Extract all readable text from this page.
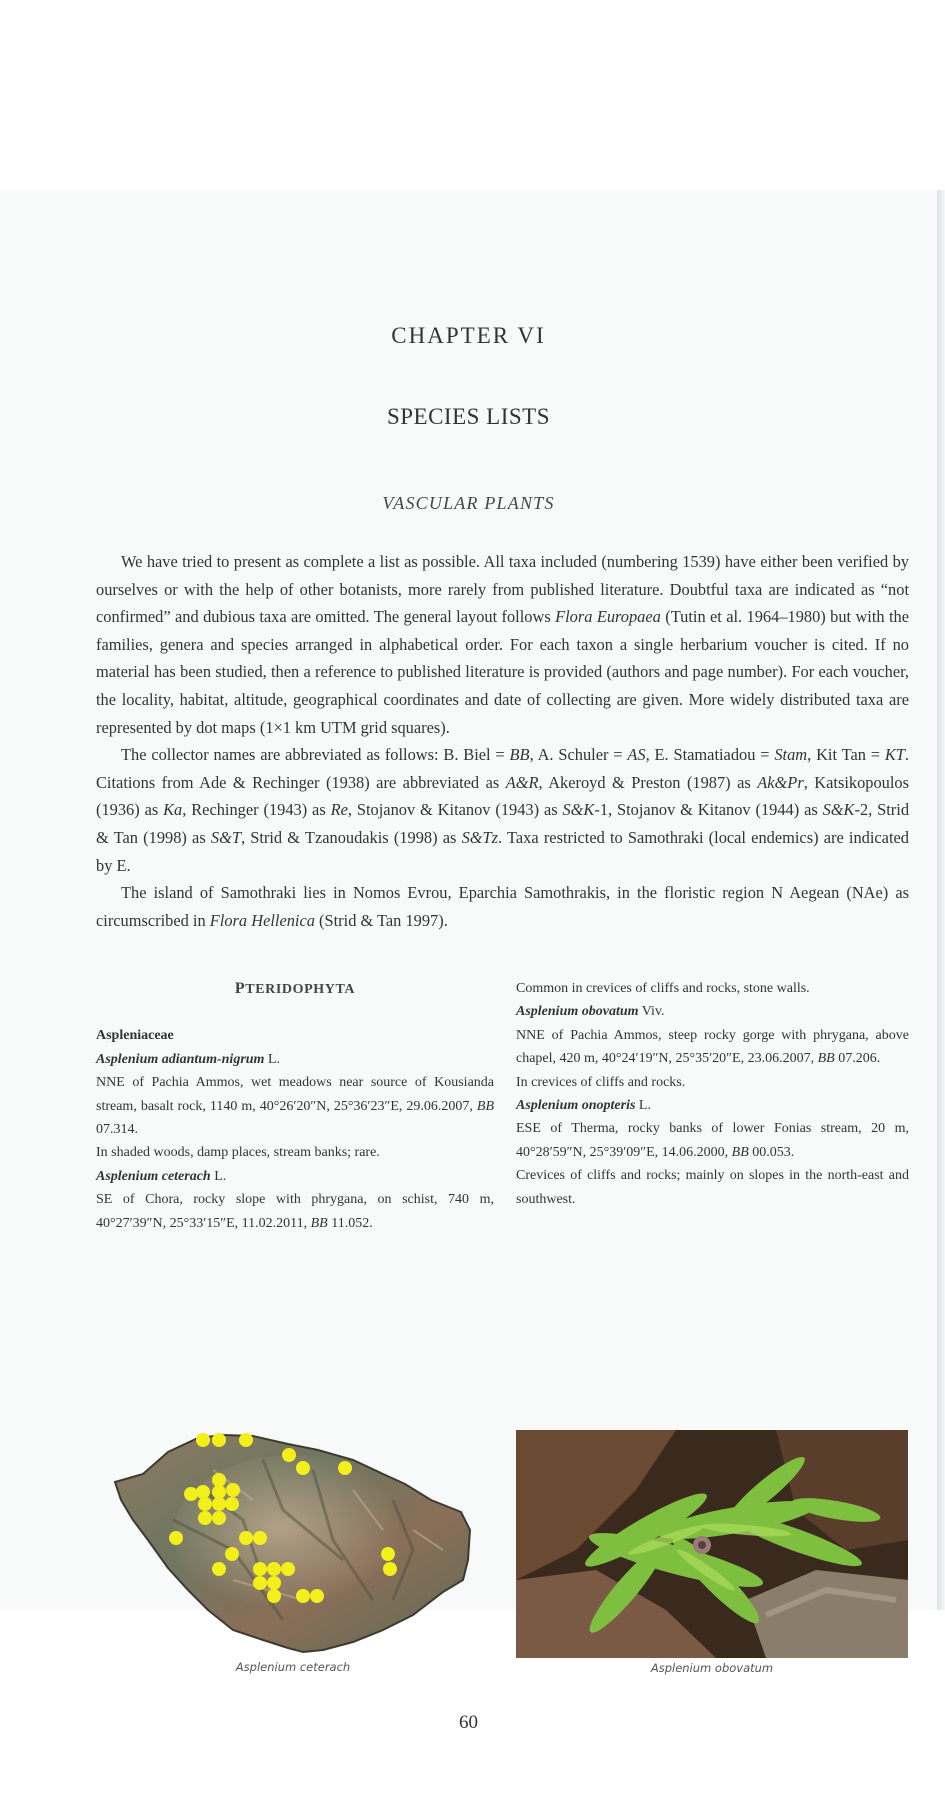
CHAPTER VI
SPECIES LISTS
VASCULAR PLANTS

We have tried to present as complete a list as possible. All taxa included (numbering 1539) have either been verified by ourselves or with the help of other botanists, more rarely from published literature. Doubtful taxa are indicated as “not confirmed” and dubious taxa are omitted. The general layout follows Flora Europaea (Tutin et al. 1964–1980) but with the families, genera and species arranged in alphabetical order. For each taxon a single herbarium voucher is cited. If no material has been studied, then a reference to published literature is provided (authors and page number). For each voucher, the locality, habitat, altitude, geographical coordinates and date of collecting are given. More widely distributed taxa are represented by dot maps (1×1 km UTM grid squares).

The collector names are abbreviated as follows: B. Biel = BB, A. Schuler = AS, E. Stamatiadou = Stam, Kit Tan = KT. Citations from Ade & Rechinger (1938) are abbreviated as A&R, Akeroyd & Preston (1987) as Ak&Pr, Katsikopoulos (1936) as Ka, Rechinger (1943) as Re, Stojanov & Kitanov (1943) as S&K-1, Stojanov & Kitanov (1944) as S&K-2, Strid & Tan (1998) as S&T, Strid & Tzanoudakis (1998) as S&Tz. Taxa restricted to Samothraki (local endemics) are indicated by E.

The island of Samothraki lies in Nomos Evrou, Eparchia Samothrakis, in the floristic region N Aegean (NAe) as circumscribed in Flora Hellenica (Strid & Tan 1997).

PTERIDOPHYTA

Aspleniaceae

Asplenium adiantum-nigrum L.

NNE of Pachia Ammos, wet meadows near source of Kousianda stream, basalt rock, 1140 m, 40°26′20″N, 25°36′23″E, 29.06.2007, BB 07.314.

In shaded woods, damp places, stream banks; rare.

Asplenium ceterach L.

SE of Chora, rocky slope with phrygana, on schist, 740 m, 40°27′39″N, 25°33′15″E, 11.02.2011, BB 11.052.

Common in crevices of cliffs and rocks, stone walls.

Asplenium obovatum Viv.

NNE of Pachia Ammos, steep rocky gorge with phrygana, above chapel, 420 m, 40°24′19″N, 25°35′20″E, 23.06.2007, BB 07.206.

In crevices of cliffs and rocks.

Asplenium onopteris L.

ESE of Therma, rocky banks of lower Fonias stream, 20 m, 40°28′59″N, 25°39′09″E, 14.06.2000, BB 00.053.

Crevices of cliffs and rocks; mainly on slopes in the north-east and southwest.

Asplenium ceterach	Asplenium obovatum
60
